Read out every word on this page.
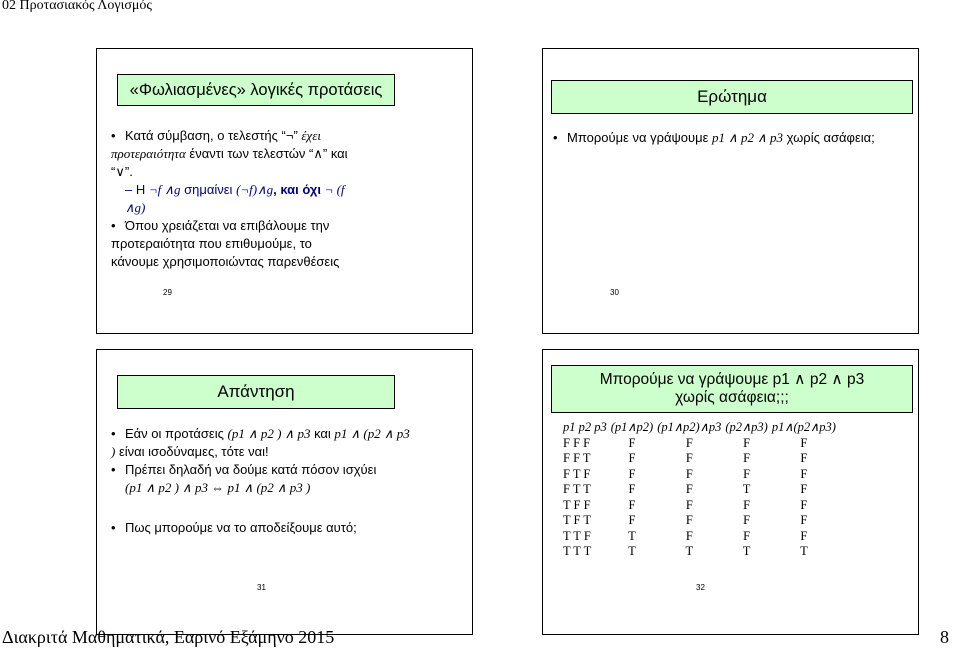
02 Προτασιακός Λογισμός
«Φωλιασμένες» λογικές προτάσεις
• Κατά σύμβαση, ο τελεστής “¬” έχει προτεραιότητα έναντι των τελεστών “∧” και “∨”.
– Η ¬f ∧g σημαίνει (¬f)∧g, και όχι ¬ (f ∧g)
• Όπου χρειάζεται να επιβάλουμε την προτεραιότητα που επιθυμούμε, το κάνουμε χρησιμοποιώντας παρενθέσεις
29
Ερώτημα
• Μπορούμε να γράψουμε p1 ∧ p2 ∧ p3 χωρίς ασάφεια;
30
Απάντηση
• Εάν οι προτάσεις (p1 ∧ p2 ) ∧ p3 και p1 ∧ (p2 ∧ p3 ) είναι ισοδύναμες, τότε ναι!
• Πρέπει δηλαδή να δούμε κατά πόσον ισχύει
(p1 ∧ p2 ) ∧ p3 ⇔ p1 ∧ (p2 ∧ p3 )
• Πως μπορούμε να το αποδείξουμε αυτό;
31
Μπορούμε να γράψουμε p1 ∧ p2 ∧ p3
χωρίς ασάφεια;;;
p1 p2 p3	(p1∧p2)	(p1∧p2)∧p3	(p2∧p3)	p1∧(p2∧p3)
F F F	F	F	F	F
F F T	F	F	F	F
F T F	F	F	F	F
F T T	F	F	T	F
T F F	F	F	F	F
T F T	F	F	F	F
T T F	T	F	F	F
T T T	T	T	T	T
32
Διακριτά Μαθηματικά, Εαρινό Εξάμηνο 2015	8
